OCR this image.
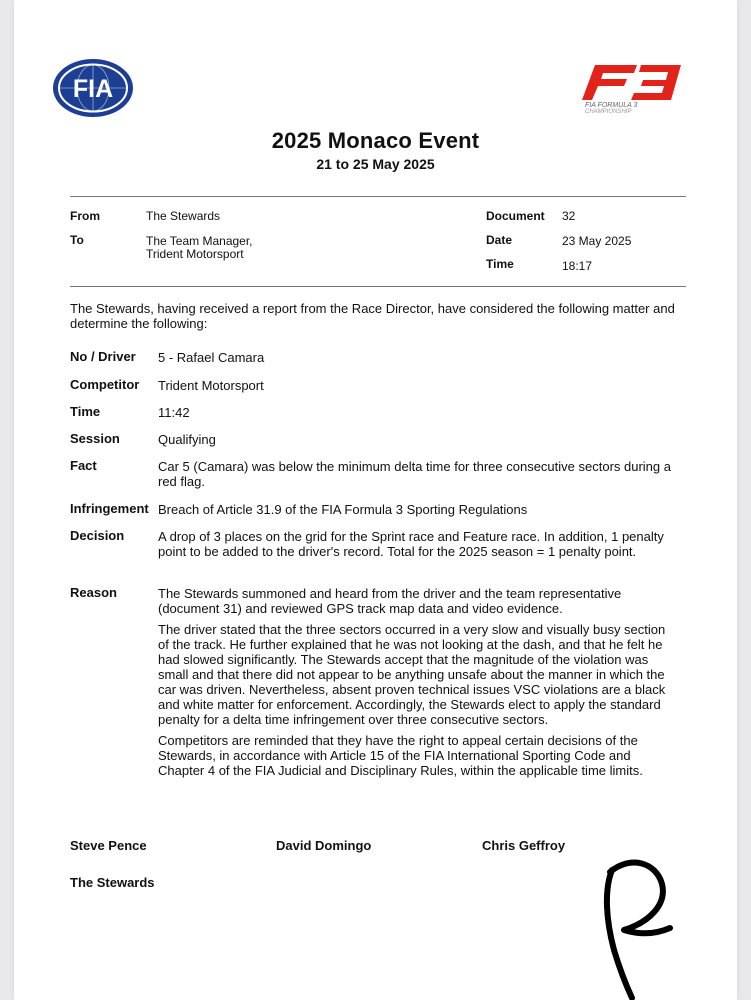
FIA
F3
FIA FORMULA 3
CHAMPIONSHIP
2025 Monaco Event
21 to 25 May 2025
From	The Stewards
To	The Team Manager,
Trident Motorsport
Document 32
Date	23 May 2025
Time	18:17
The Stewards, having received a report from the Race Director, have considered the following matter and determine the following:
No / Driver 5 - Rafael Camara
Competitor Trident Motorsport
Time	11:42
Session	Qualifying
Fact	Car 5 (Camara) was below the minimum delta time for three consecutive sectors during a red flag.
Infringement Breach of Article 31.9 of the FIA Formula 3 Sporting Regulations
Decision	A drop of 3 places on the grid for the Sprint race and Feature race. In addition, 1 penalty point to be added to the driver's record. Total for the 2025 season = 1 penalty point.
Reason	The Stewards summoned and heard from the driver and the team representative (document 31) and reviewed GPS track map data and video evidence.

The driver stated that the three sectors occurred in a very slow and visually busy section of the track. He further explained that he was not looking at the dash, and that he felt he had slowed significantly. The Stewards accept that the magnitude of the violation was small and that there did not appear to be anything unsafe about the manner in which the car was driven. Nevertheless, absent proven technical issues VSC violations are a black and white matter for enforcement. Accordingly, the Stewards elect to apply the standard penalty for a delta time infringement over three consecutive sectors.

Competitors are reminded that they have the right to appeal certain decisions of the Stewards, in accordance with Article 15 of the FIA International Sporting Code and Chapter 4 of the FIA Judicial and Disciplinary Rules, within the applicable time limits.

Steve Pence	David Domingo	Chris Geffroy
The Stewards
